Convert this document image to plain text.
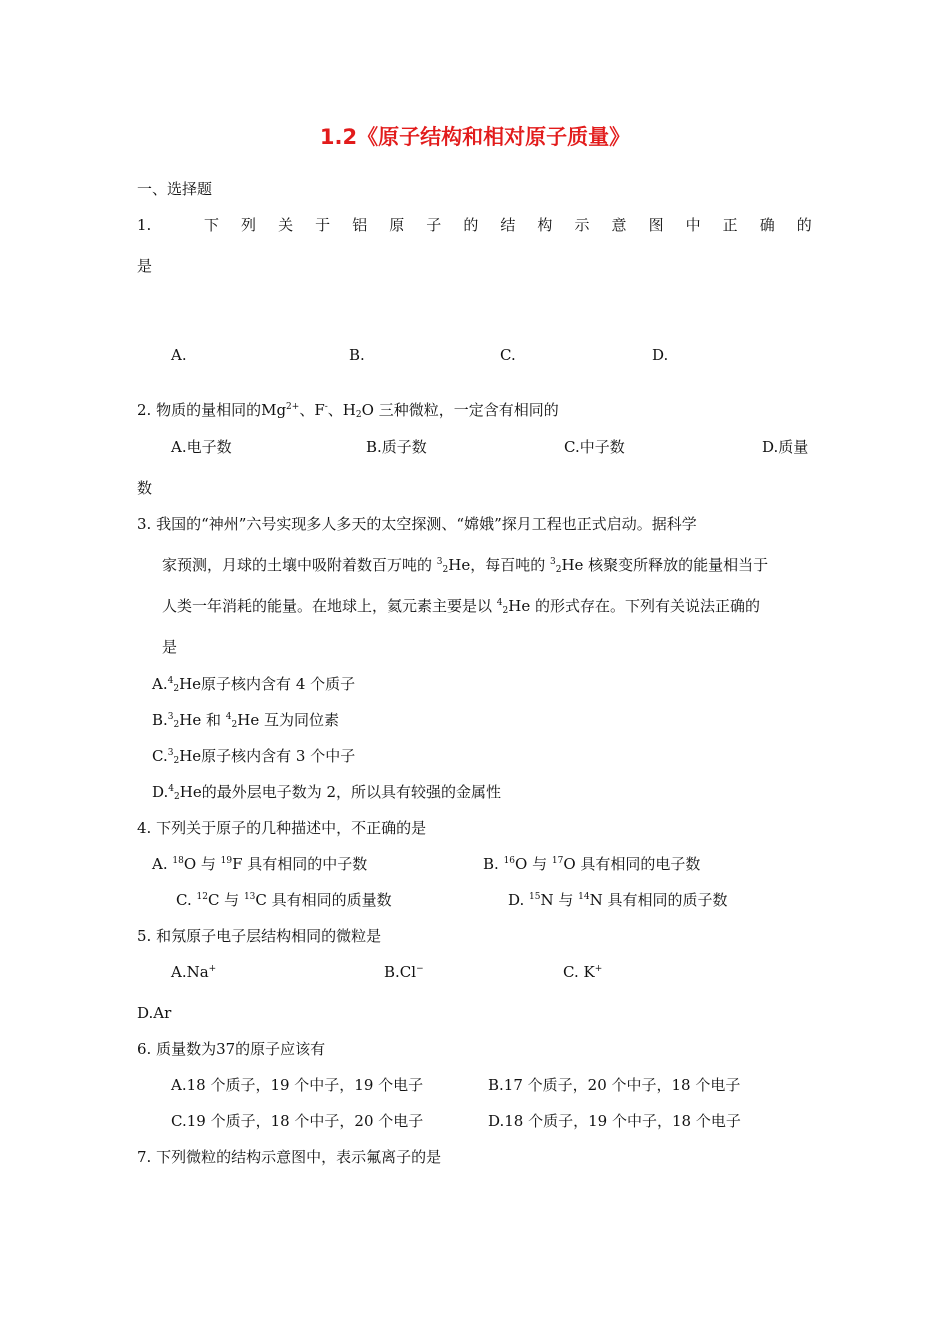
1.2《原子结构和相对原子质量》
一、选择题
1.	下 列 关 于 铝 原 子 的 结 构 示 意 图 中 正 确 的
是
A.	B.	C.	D.
2. 物质的量相同的$Mg^{2+}$、F-、$H_2O$ 三种微粒，一定含有相同的
A.电子数	B.质子数	C.中子数	D.质量
数
3. 我国的“神州”六号实现多人多天的太空探测、“嫦娥”探月工程也正式启动。据科学
家预测，月球的土壤中吸附着数百万吨的 $^3_2$He，每百吨的 $^3_2$He 核聚变所释放的能量相当于
人类一年消耗的能量。在地球上，氦元素主要是以 $^4_2$He 的形式存在。下列有关说法正确的
是
A.$^4_2$He原子核内含有 4 个质子
B.$^3_2$He 和 $^4_2$He 互为同位素
C.$^3_2$He原子核内含有 3 个中子
D.$^4_2$He的最外层电子数为 2，所以具有较强的金属性
4. 下列关于原子的几种描述中，不正确的是
A. $^{18}$O 与 $^{19}$F 具有相同的中子数	B. $^{16}$O 与 $^{17}$O 具有相同的电子数
C. $^{12}$C 与 $^{13}$C 具有相同的质量数	D. $^{15}$N 与 $^{14}$N 具有相同的质子数
5. 和氖原子电子层结构相同的微粒是
A.Na+	B.Cl−	C. K+
D.Ar
6. 质量数为37的原子应该有
A.18 个质子，19 个中子，19 个电子	B.17 个质子，20 个中子，18 个电子
C.19 个质子，18 个中子，20 个电子	D.18 个质子，19 个中子，18 个电子
7. 下列微粒的结构示意图中，表示氟离子的是
